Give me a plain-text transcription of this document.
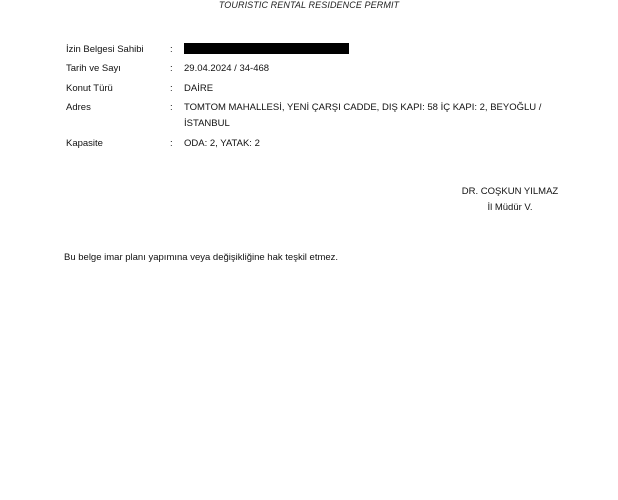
TOURISTIC RENTAL RESIDENCE PERMIT
İzin Belgesi Sahibi	:
Tarih ve Sayı	:	29.04.2024 / 34-468
Konut Türü	:	DAİRE
Adres	:	TOMTOM MAHALLESİ, YENİ ÇARŞI CADDE, DIŞ KAPI: 58 İÇ KAPI: 2, BEYOĞLU / İSTANBUL
Kapasite	:	ODA: 2, YATAK: 2
DR. COŞKUN YILMAZ
İl Müdür V.
Bu belge imar planı yapımına veya değişikliğine hak teşkil etmez.
